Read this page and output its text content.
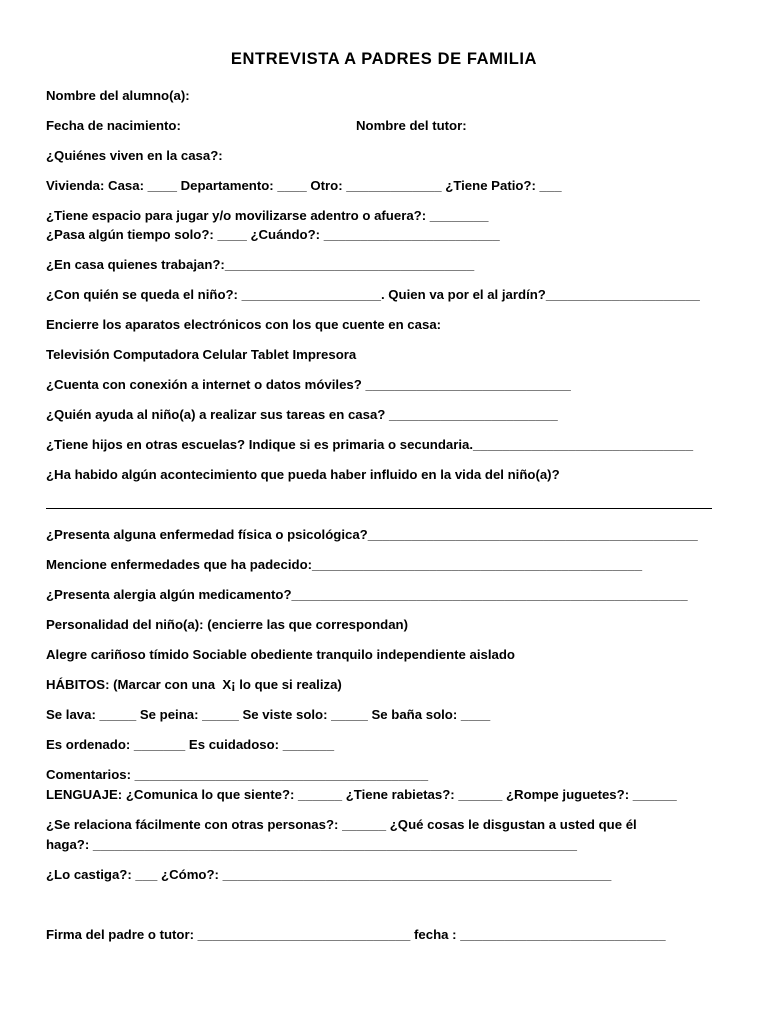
ENTREVISTA A PADRES DE FAMILIA
Nombre del alumno(a):
Fecha de nacimiento:	Nombre del tutor:
¿Quiénes viven en la casa?:
Vivienda: Casa: ____ Departamento: ____ Otro: _____________ ¿Tiene Patio?: ___
¿Tiene espacio para jugar y/o movilizarse adentro o afuera?: ________
¿Pasa algún tiempo solo?: ____ ¿Cuándo?: ________________________
¿En casa quienes trabajan?:__________________________________
¿Con quién se queda el niño?: ___________________. Quien va por el al jardín?_____________________
Encierre los aparatos electrónicos con los que cuente en casa:
Televisión Computadora Celular Tablet Impresora
¿Cuenta con conexión a internet o datos móviles? ____________________________
¿Quién ayuda al niño(a) a realizar sus tareas en casa? _______________________
¿Tiene hijos en otras escuelas? Indique si es primaria o secundaria.______________________________
¿Ha habido algún acontecimiento que pueda haber influido en la vida del niño(a)?
¿Presenta alguna enfermedad física o psicológica?_____________________________________________
Mencione enfermedades que ha padecido:_____________________________________________
¿Presenta alergia algún medicamento?______________________________________________________
Personalidad del niño(a): (encierre las que correspondan)
Alegre cariñoso tímido Sociable obediente tranquilo independiente aislado
HÁBITOS: (Marcar con una  X¡ lo que si realiza)
Se lava: _____ Se peina: _____ Se viste solo: _____ Se baña solo: ____
Es ordenado: _______ Es cuidadoso: _______
Comentarios: ________________________________________
LENGUAJE: ¿Comunica lo que siente?: ______ ¿Tiene rabietas?: ______ ¿Rompe juguetes?: ______
¿Se relaciona fácilmente con otras personas?: ______ ¿Qué cosas le disgustan a usted que él
haga?: __________________________________________________________________
¿Lo castiga?: ___ ¿Cómo?: _____________________________________________________
Firma del padre o tutor: _____________________________ fecha : ____________________________
